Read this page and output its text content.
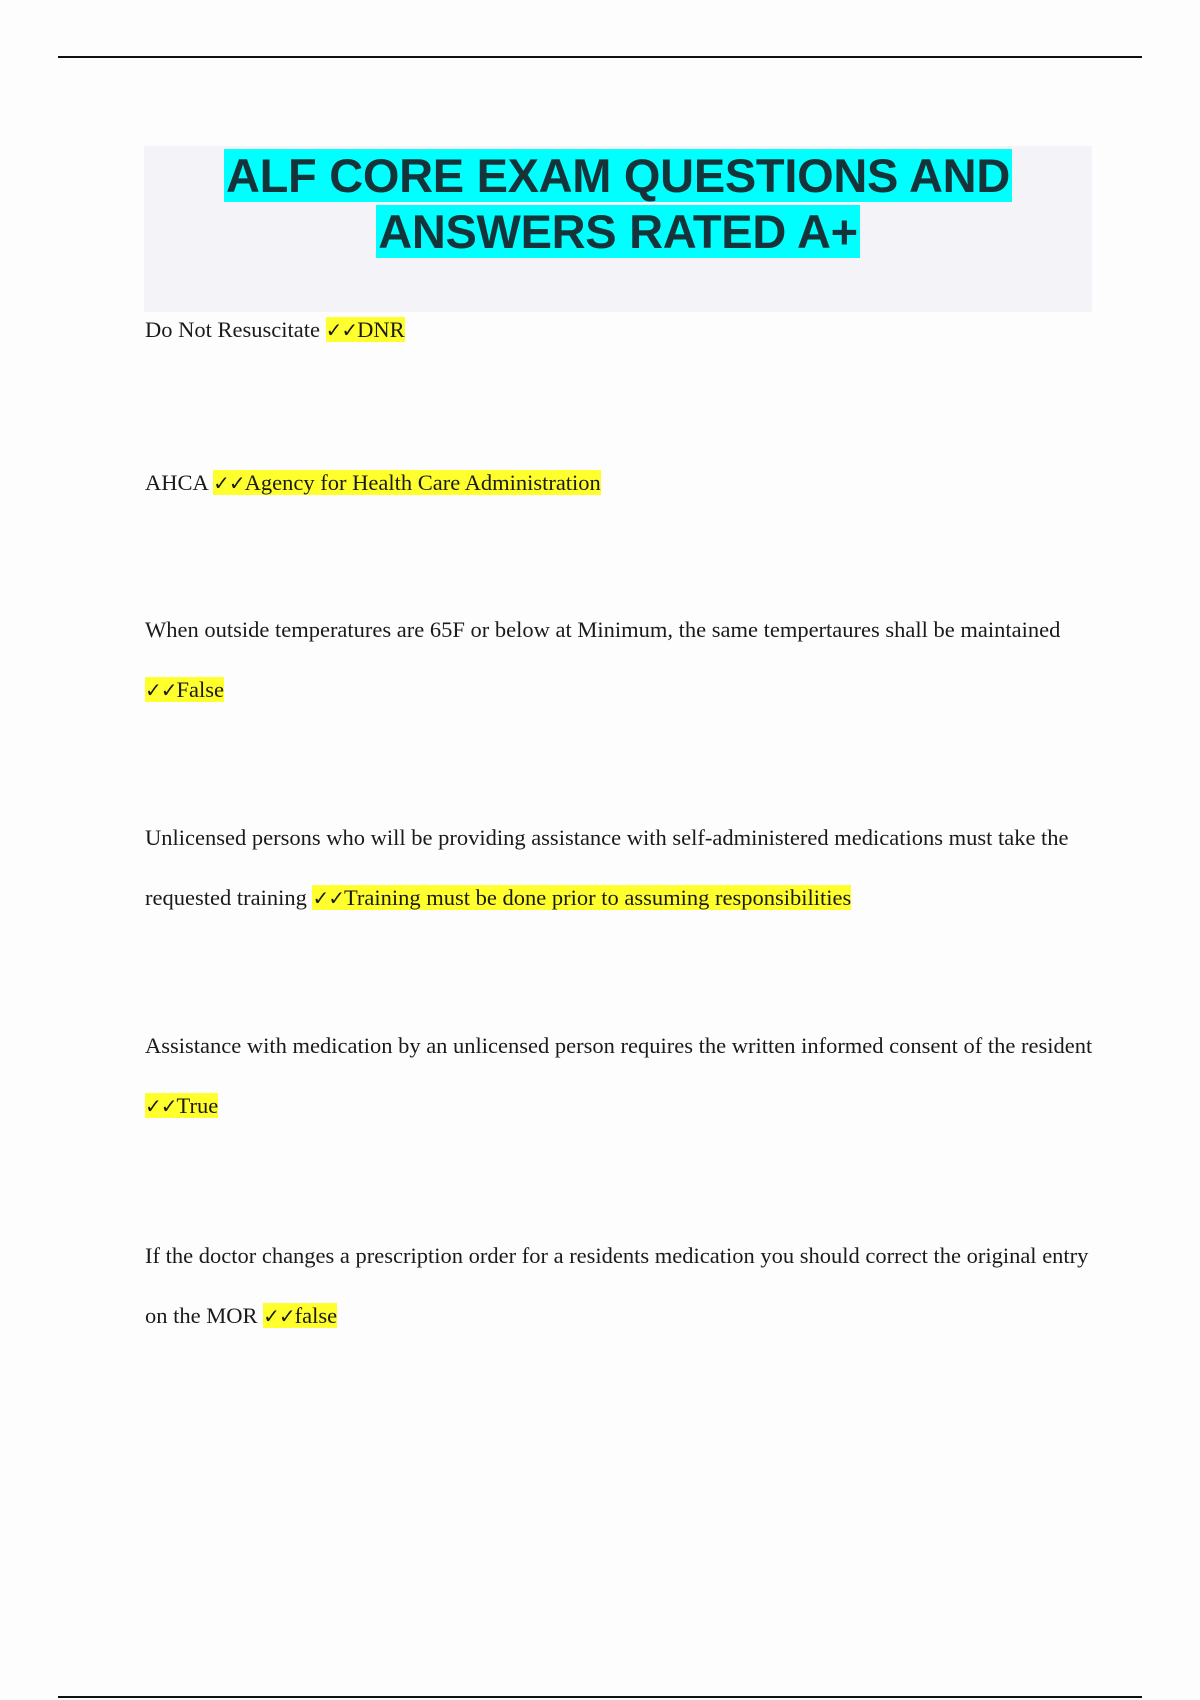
ALF CORE EXAM QUESTIONS AND ANSWERS RATED A+

Do Not Resuscitate ✓✓DNR

AHCA ✓✓Agency for Health Care Administration

When outside temperatures are 65F or below at Minimum, the same tempertaures shall be maintained ✓✓False

Unlicensed persons who will be providing assistance with self-administered medications must take the requested training ✓✓Training must be done prior to assuming responsibilities

Assistance with medication by an unlicensed person requires the written informed consent of the resident ✓✓True

If the doctor changes a prescription order for a residents medication you should correct the original entry on the MOR ✓✓false
